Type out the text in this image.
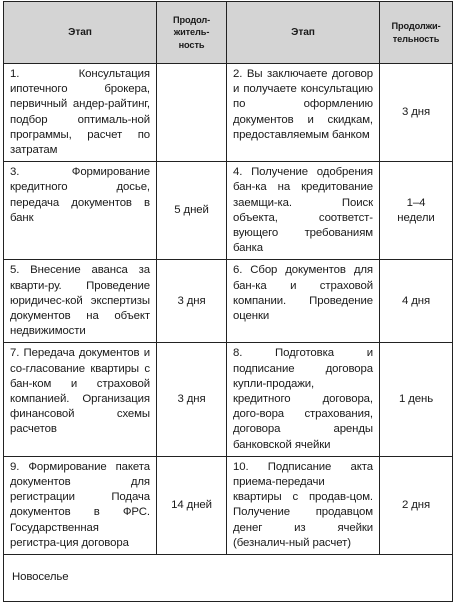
Этап	Продол-
житель-
ность	Этап	Продолжи-
тельность
1. Консультация ипотечного брокера, первичный андер-райтинг, подбор оптималь-ной программы, расчет по затратам		2. Вы заключаете договор и получаете консультацию по оформлению документов и скидкам, предоставляемым банком	3 дня
3. Формирование кредитного досье, передача документов в банк	5 дней	4. Получение одобрения бан-ка на кредитование заемщи-ка. Поиск объекта, соответст-вующего требованиям банка	1–4
недели
5. Внесение аванса за кварти-ру. Проведение юридичес-кой экспертизы документов на объект недвижимости	3 дня	6. Сбор документов для бан-ка и страховой компании. Проведение оценки	4 дня
7. Передача документов и со-гласование квартиры с бан-ком и страховой компанией. Организация финансовой схемы расчетов	3 дня	8. Подготовка и подписание договора купли-продажи, кредитного договора, дого-вора страхования, договора аренды банковской ячейки	1 день
9. Формирование пакета документов для регистрации Подача документов в ФРС. Государственная регистра-ция договора	14 дней	10. Подписание акта приема-передачи квартиры с продав-цом. Получение продавцом денег из ячейки (безналич-ный расчет)	2 дня
Новоселье			
